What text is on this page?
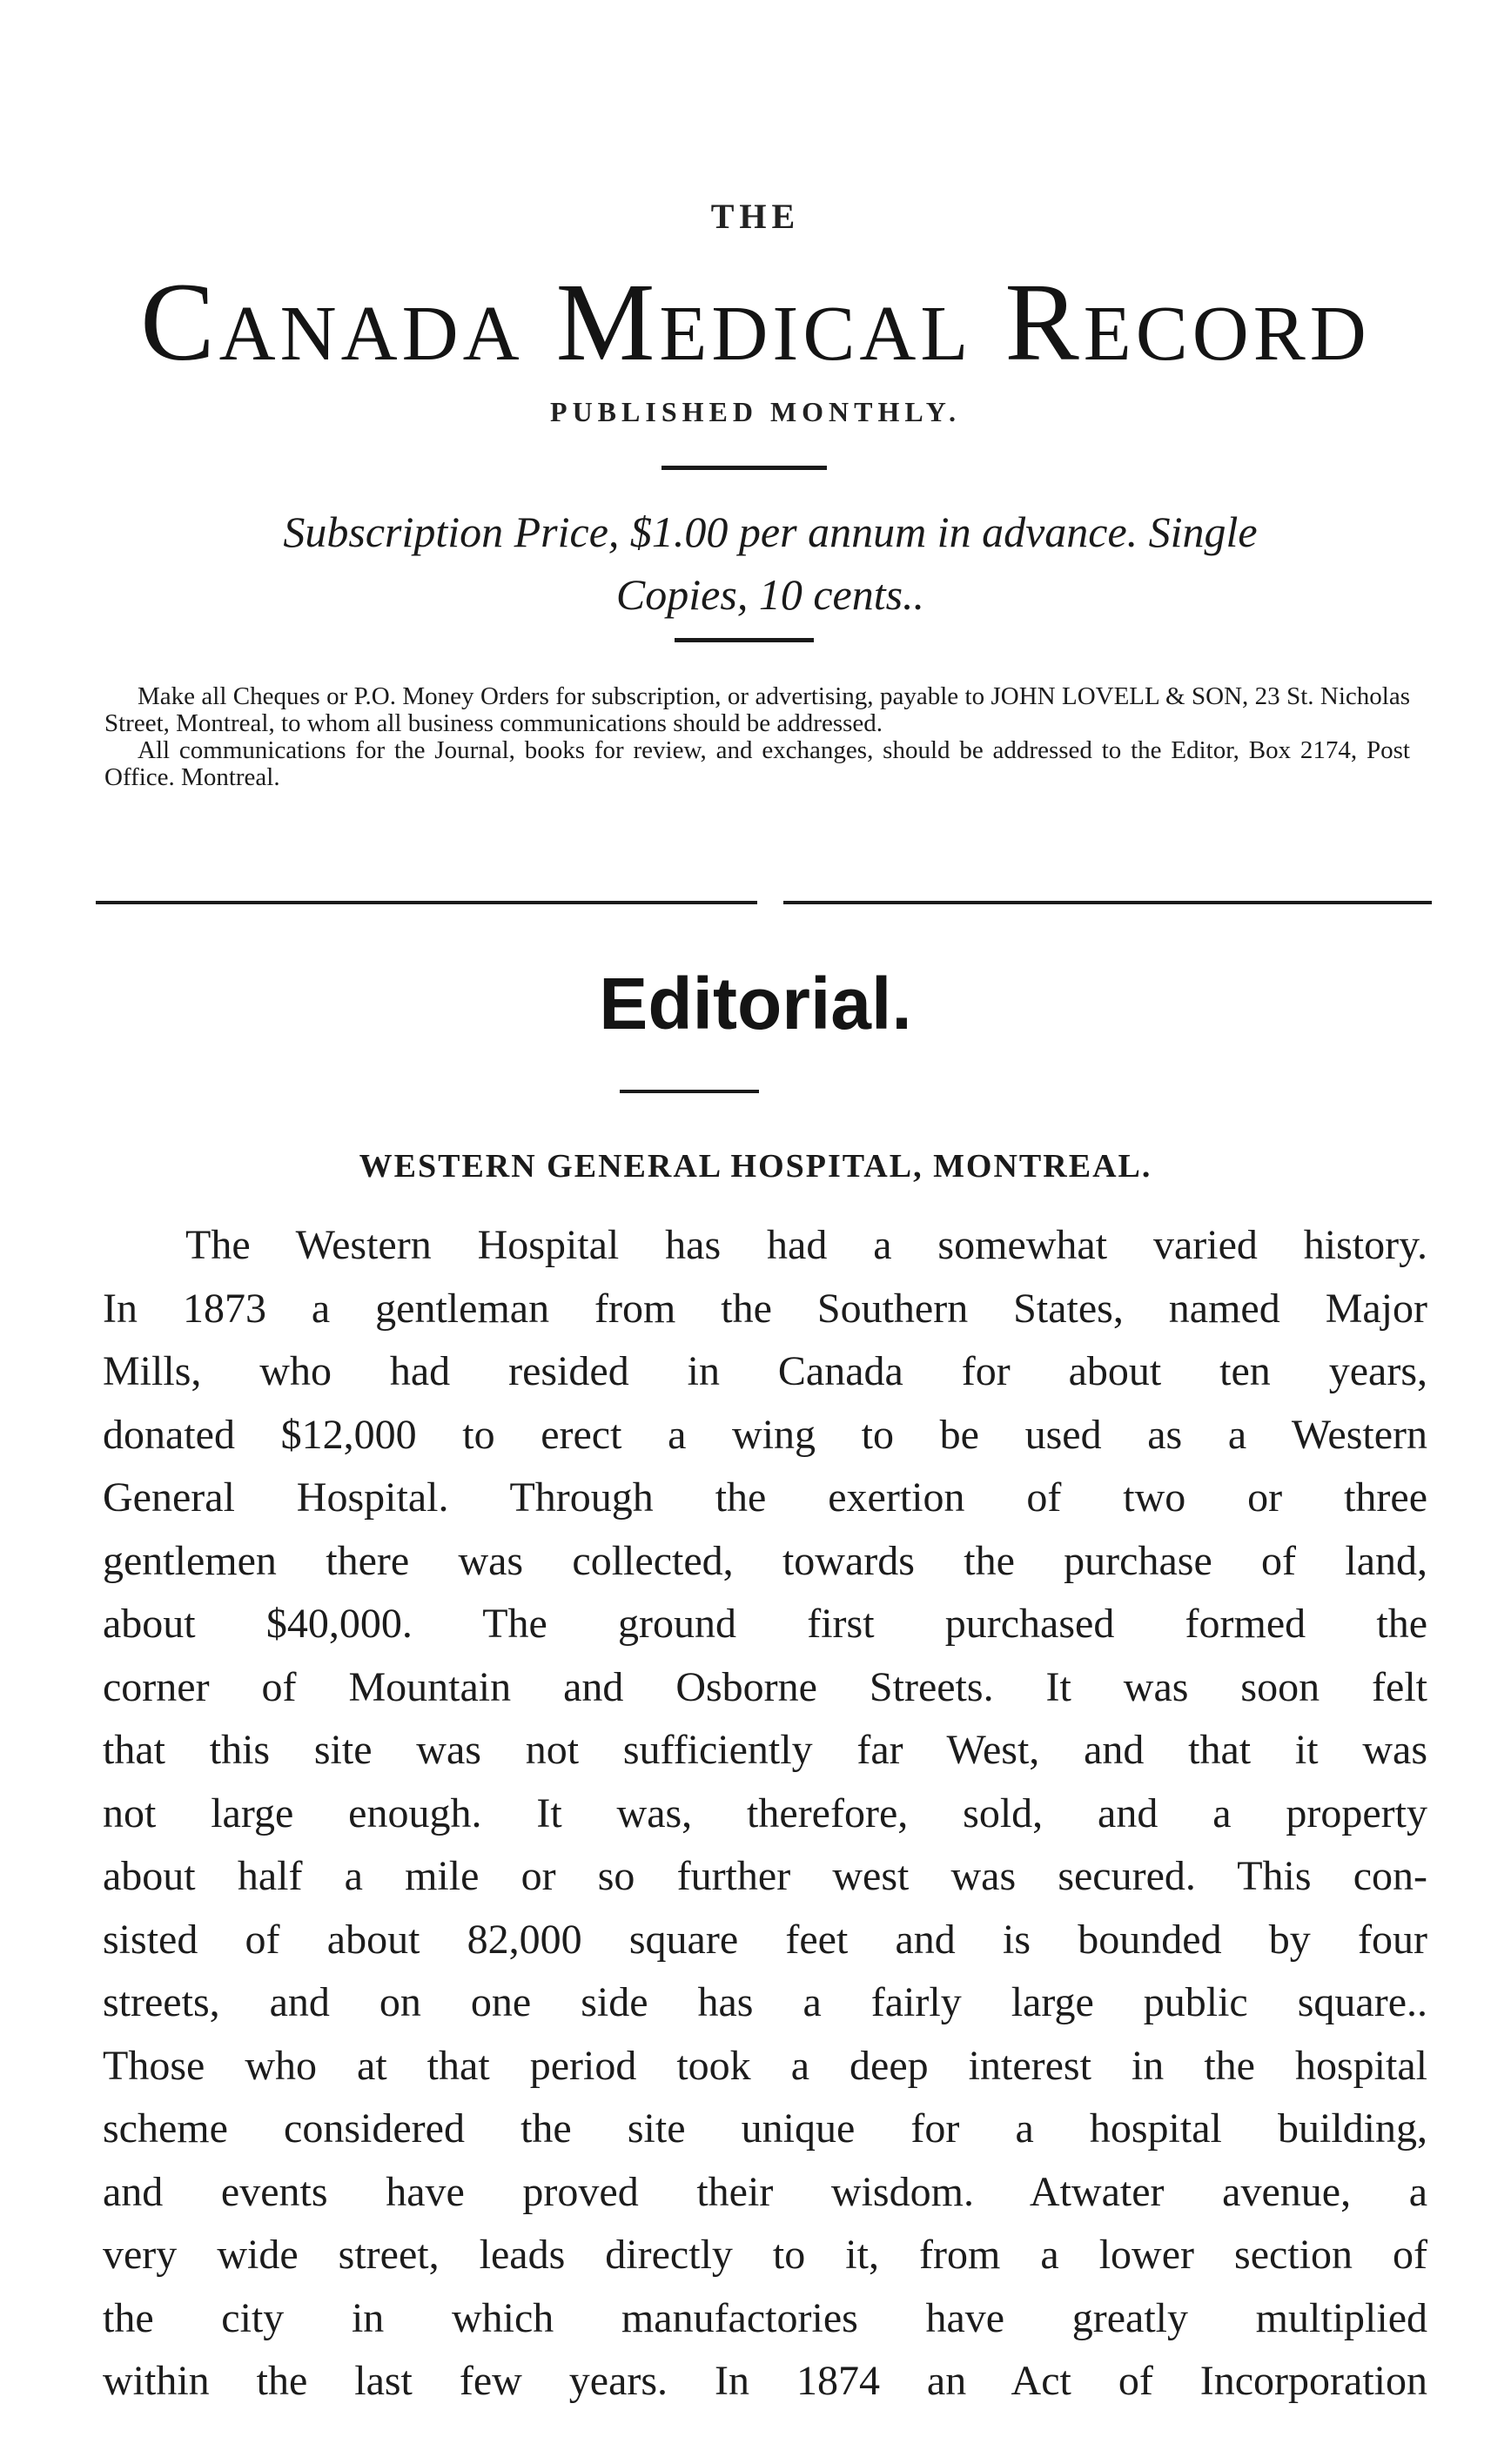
THE
Canada Medical Record
PUBLISHED MONTHLY.
Subscription Price, $1.00 per annum in advance. Single
Copies, 10 cents..

Make all Cheques or P.O. Money Orders for subscription, or advertising, payable to JOHN LOVELL & SON, 23 St. Nicholas Street, Montreal, to whom all business communications should be addressed.

All communications for the Journal, books for review, and exchanges, should be addressed to the Editor, Box 2174, Post Office. Montreal.

Editorial.
WESTERN GENERAL HOSPITAL, MONTREAL.
The Western Hospital has had a somewhat varied history.
In 1873 a gentleman from the Southern States, named Major
Mills, who had resided in Canada for about ten years,
donated $12,000 to erect a wing to be used as a Western
General Hospital. Through the exertion of two or three
gentlemen there was collected, towards the purchase of land,
about $40,000. The ground first purchased formed the
corner of Mountain and Osborne Streets. It was soon felt
that this site was not sufficiently far West, and that it was
not large enough. It was, therefore, sold, and a property
about half a mile or so further west was secured. This con-
sisted of about 82,000 square feet and is bounded by four
streets, and on one side has a fairly large public square..
Those who at that period took a deep interest in the hospital
scheme considered the site unique for a hospital building,
and events have proved their wisdom. Atwater avenue, a
very wide street, leads directly to it, from a lower section of
the city in which manufactories have greatly multiplied
within the last few years. In 1874 an Act of Incorporation
